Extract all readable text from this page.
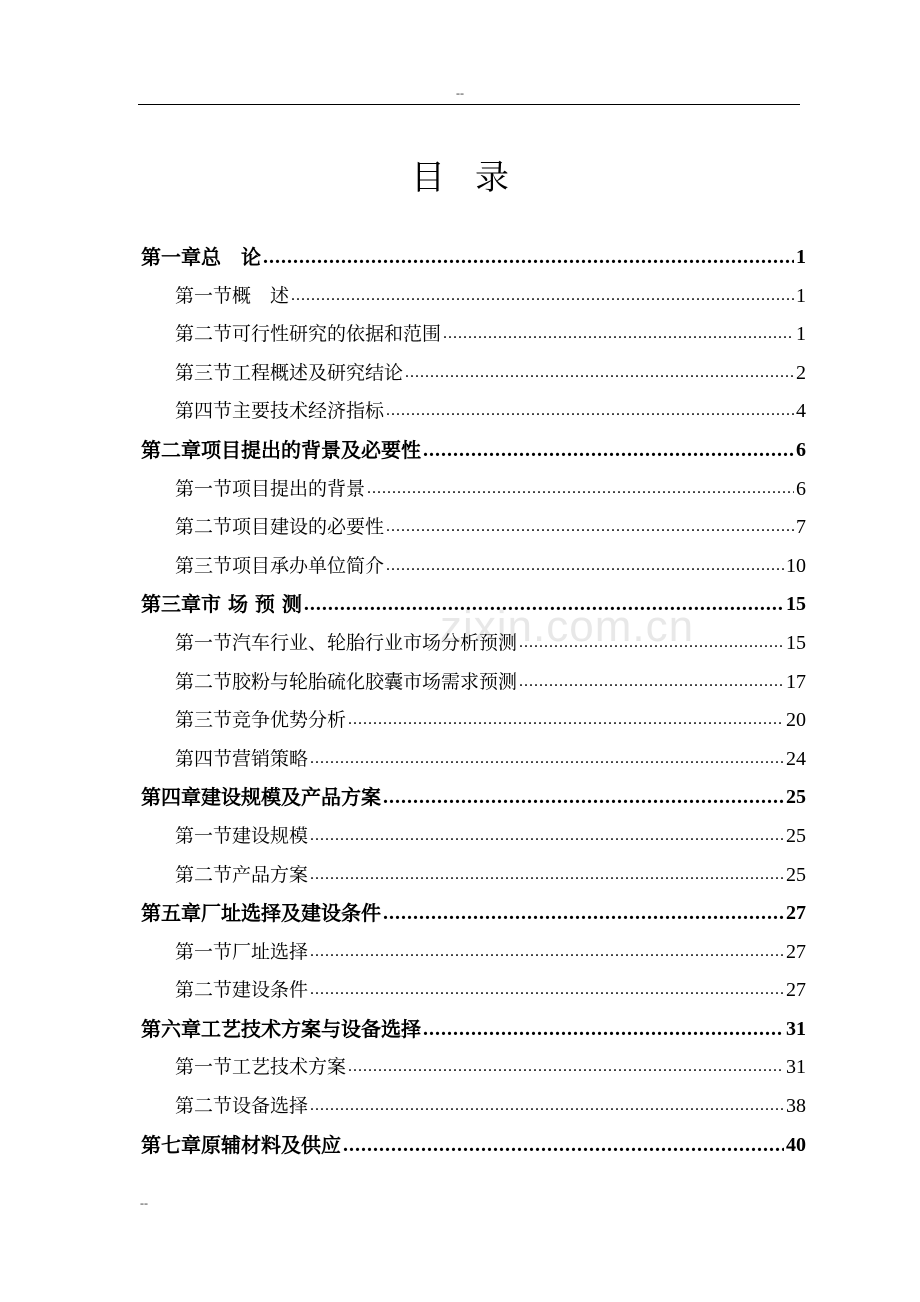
--
目录
第一章 总　论 .....	1
第一节 概　述 .....	1
第二节 可行性研究的依据和范围 .....	1
第三节 工程概述及研究结论 .....	2
第四节 主要技术经济指标 .....	4
第二章 项目提出的背景及必要性 .....	6
第一节 项目提出的背景 .....	6
第二节 项目建设的必要性 .....	7
第三节 项目承办单位简介 .....	10
第三章 市 场 预 测 .....	15
第一节 汽车行业、轮胎行业市场分析预测 .....	15
第二节 胶粉与轮胎硫化胶囊市场需求预测 .....	17
第三节 竞争优势分析 .....	20
第四节 营销策略 .....	24
第四章 建设规模及产品方案 .....	25
第一节 建设规模 .....	25
第二节 产品方案 .....	25
第五章 厂址选择及建设条件 .....	27
第一节 厂址选择 .....	27
第二节 建设条件 .....	27
第六章 工艺技术方案与设备选择 .....	31
第一节 工艺技术方案 .....	31
第二节 设备选择 .....	38
第七章 原辅材料及供应 .....	40
zixin.com.cn
--
